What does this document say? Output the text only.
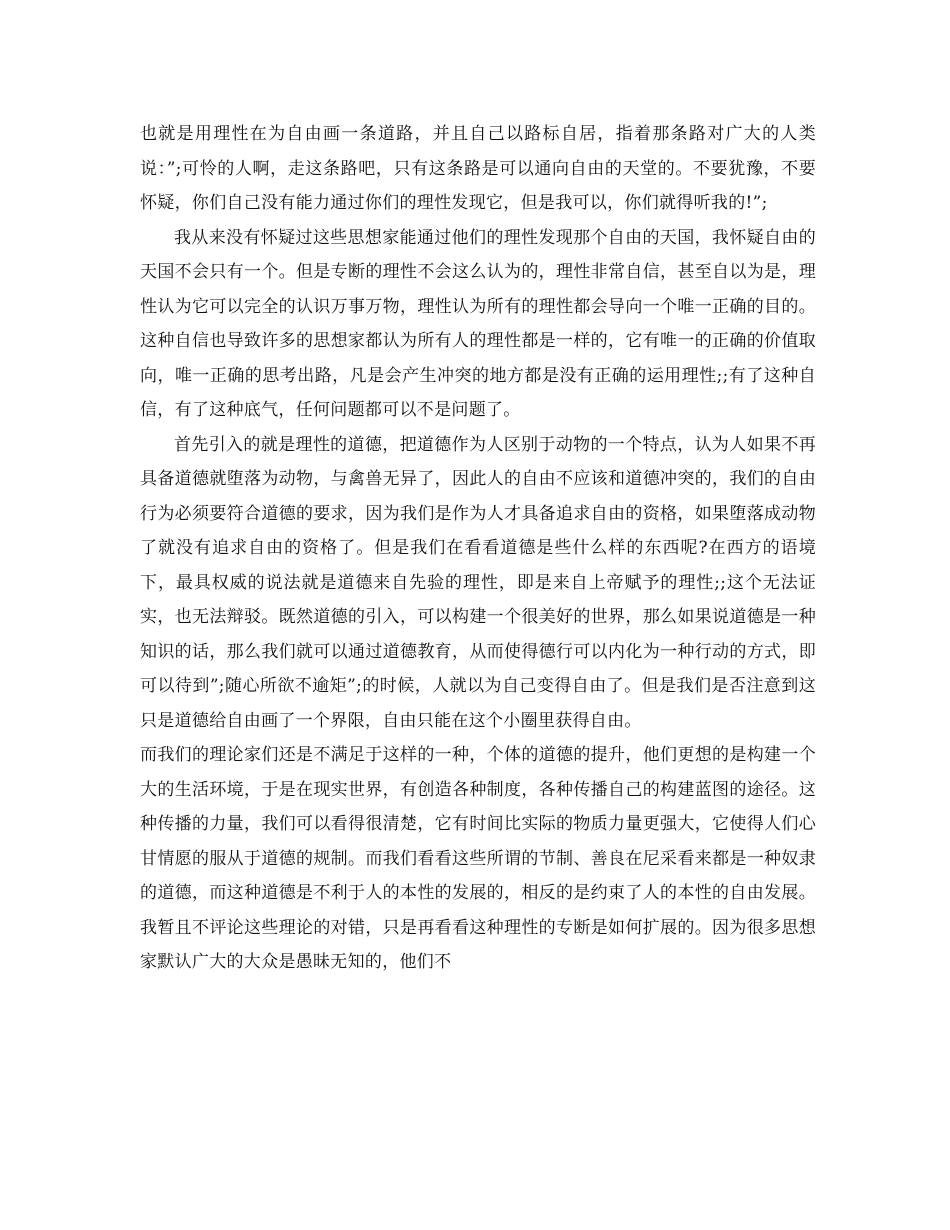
也就是用理性在为自由画一条道路，并且自己以路标自居，指着那条路对广大的人类说：”;可怜的人啊，走这条路吧，只有这条路是可以通向自由的天堂的。不要犹豫，不要怀疑，你们自己没有能力通过你们的理性发现它，但是我可以，你们就得听我的!”;

我从来没有怀疑过这些思想家能通过他们的理性发现那个自由的天国，我怀疑自由的天国不会只有一个。但是专断的理性不会这么认为的，理性非常自信，甚至自以为是，理性认为它可以完全的认识万事万物，理性认为所有的理性都会导向一个唯一正确的目的。这种自信也导致许多的思想家都认为所有人的理性都是一样的，它有唯一的正确的价值取向，唯一正确的思考出路，凡是会产生冲突的地方都是没有正确的运用理性;;有了这种自信，有了这种底气，任何问题都可以不是问题了。

首先引入的就是理性的道德，把道德作为人区别于动物的一个特点，认为人如果不再具备道德就堕落为动物，与禽兽无异了，因此人的自由不应该和道德冲突的，我们的自由行为必须要符合道德的要求，因为我们是作为人才具备追求自由的资格，如果堕落成动物了就没有追求自由的资格了。但是我们在看看道德是些什么样的东西呢?在西方的语境下，最具权威的说法就是道德来自先验的理性，即是来自上帝赋予的理性;;这个无法证实，也无法辩驳。既然道德的引入，可以构建一个很美好的世界，那么如果说道德是一种知识的话，那么我们就可以通过道德教育，从而使得德行可以内化为一种行动的方式，即可以待到”;随心所欲不逾矩”;的时候，人就以为自己变得自由了。但是我们是否注意到这只是道德给自由画了一个界限，自由只能在这个小圈里获得自由。

而我们的理论家们还是不满足于这样的一种，个体的道德的提升，他们更想的是构建一个大的生活环境，于是在现实世界，有创造各种制度，各种传播自己的构建蓝图的途径。这种传播的力量，我们可以看得很清楚，它有时间比实际的物质力量更强大，它使得人们心甘情愿的服从于道德的规制。而我们看看这些所谓的节制、善良在尼采看来都是一种奴隶的道德，而这种道德是不利于人的本性的发展的，相反的是约束了人的本性的自由发展。我暂且不评论这些理论的对错，只是再看看这种理性的专断是如何扩展的。因为很多思想家默认广大的大众是愚昧无知的，他们不
